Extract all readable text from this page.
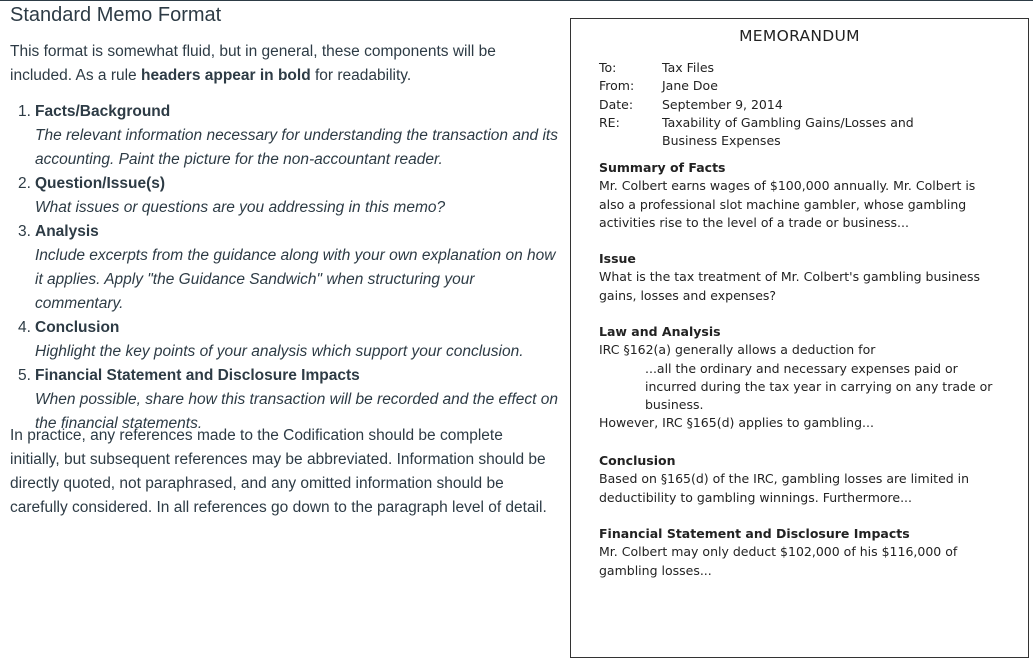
Standard Memo Format

This format is somewhat fluid, but in general, these components will be included. As a rule headers appear in bold for readability.

1. Facts/Background
The relevant information necessary for understanding the transaction and its accounting. Paint the picture for the non-accountant reader.
2. Question/Issue(s)
What issues or questions are you addressing in this memo?
3. Analysis
Include excerpts from the guidance along with your own explanation on how it applies. Apply "the Guidance Sandwich" when structuring your commentary.
4. Conclusion
Highlight the key points of your analysis which support your conclusion.
5. Financial Statement and Disclosure Impacts
When possible, share how this transaction will be recorded and the effect on the financial statements.

In practice, any references made to the Codification should be complete initially, but subsequent references may be abbreviated. Information should be directly quoted, not paraphrased, and any omitted information should be carefully considered. In all references go down to the paragraph level of detail.

MEMORANDUM
To:	Tax Files
From:	Jane Doe
Date:	September 9, 2014
RE:	Taxability of Gambling Gains/Losses and Business Expenses
Summary of Facts
Mr. Colbert earns wages of $100,000 annually. Mr. Colbert is also a professional slot machine gambler, whose gambling activities rise to the level of a trade or business...
Issue
What is the tax treatment of Mr. Colbert's gambling business gains, losses and expenses?
Law and Analysis
IRC §162(a) generally allows a deduction for
...all the ordinary and necessary expenses paid or incurred during the tax year in carrying on any trade or business.
However, IRC §165(d) applies to gambling...
Conclusion
Based on §165(d) of the IRC, gambling losses are limited in deductibility to gambling winnings. Furthermore...
Financial Statement and Disclosure Impacts
Mr. Colbert may only deduct $102,000 of his $116,000 of gambling losses...
